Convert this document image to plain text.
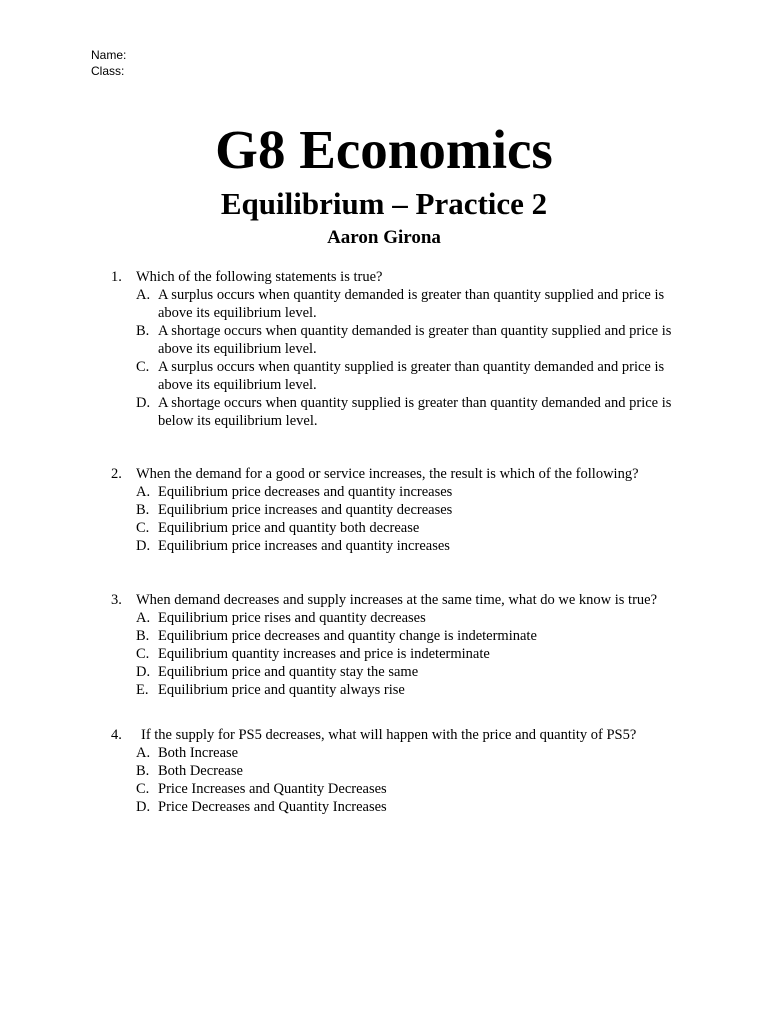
Name:
Class:
G8 Economics
Equilibrium – Practice 2
Aaron Girona
1. Which of the following statements is true?
A. A surplus occurs when quantity demanded is greater than quantity supplied and price is above its equilibrium level.
B. A shortage occurs when quantity demanded is greater than quantity supplied and price is above its equilibrium level.
C. A surplus occurs when quantity supplied is greater than quantity demanded and price is above its equilibrium level.
D. A shortage occurs when quantity supplied is greater than quantity demanded and price is below its equilibrium level.
2. When the demand for a good or service increases, the result is which of the following?
A. Equilibrium price decreases and quantity increases
B. Equilibrium price increases and quantity decreases
C. Equilibrium price and quantity both decrease
D. Equilibrium price increases and quantity increases
3. When demand decreases and supply increases at the same time, what do we know is true?
A. Equilibrium price rises and quantity decreases
B. Equilibrium price decreases and quantity change is indeterminate
C. Equilibrium quantity increases and price is indeterminate
D. Equilibrium price and quantity stay the same
E. Equilibrium price and quantity always rise
4.	If the supply for PS5 decreases, what will happen with the price and quantity of PS5?
A. Both Increase
B. Both Decrease
C. Price Increases and Quantity Decreases
D. Price Decreases and Quantity Increases
